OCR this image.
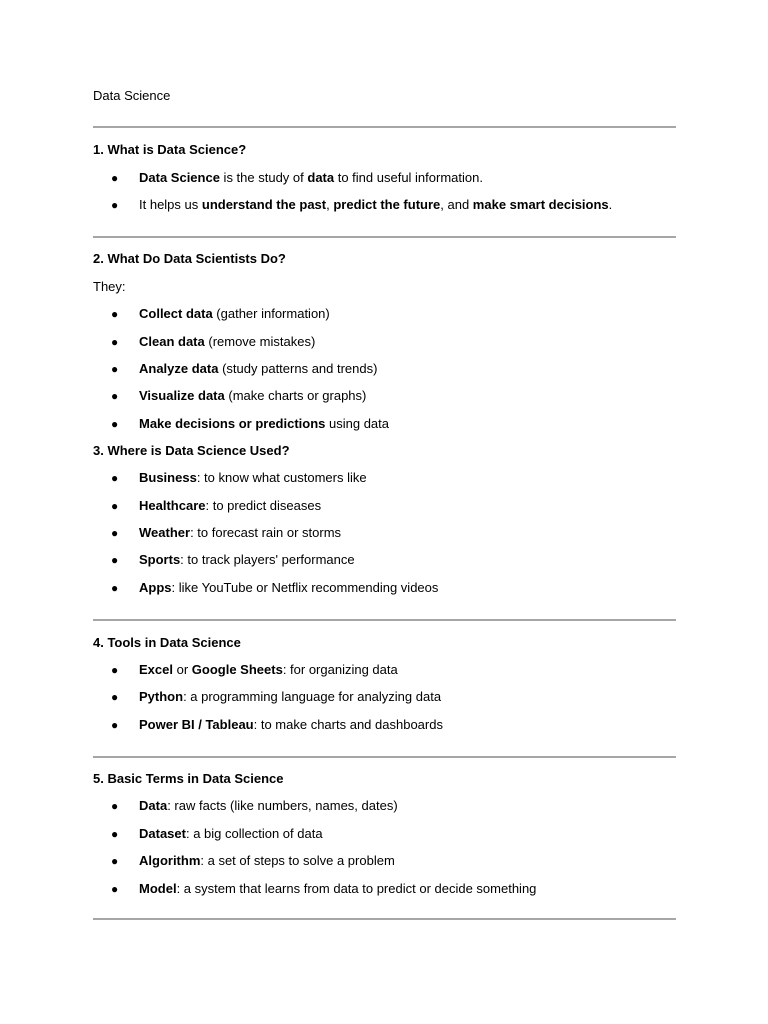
Data Science
1. What is Data Science?
● Data Science is the study of data to find useful information.
● It helps us understand the past, predict the future, and make smart decisions.
2. What Do Data Scientists Do?
They:
● Collect data (gather information)
● Clean data (remove mistakes)
● Analyze data (study patterns and trends)
● Visualize data (make charts or graphs)
● Make decisions or predictions using data
3. Where is Data Science Used?
● Business: to know what customers like
● Healthcare: to predict diseases
● Weather: to forecast rain or storms
● Sports: to track players' performance
● Apps: like YouTube or Netflix recommending videos
4. Tools in Data Science
● Excel or Google Sheets: for organizing data
● Python: a programming language for analyzing data
● Power BI / Tableau: to make charts and dashboards
5. Basic Terms in Data Science
● Data: raw facts (like numbers, names, dates)
● Dataset: a big collection of data
● Algorithm: a set of steps to solve a problem
● Model: a system that learns from data to predict or decide something
